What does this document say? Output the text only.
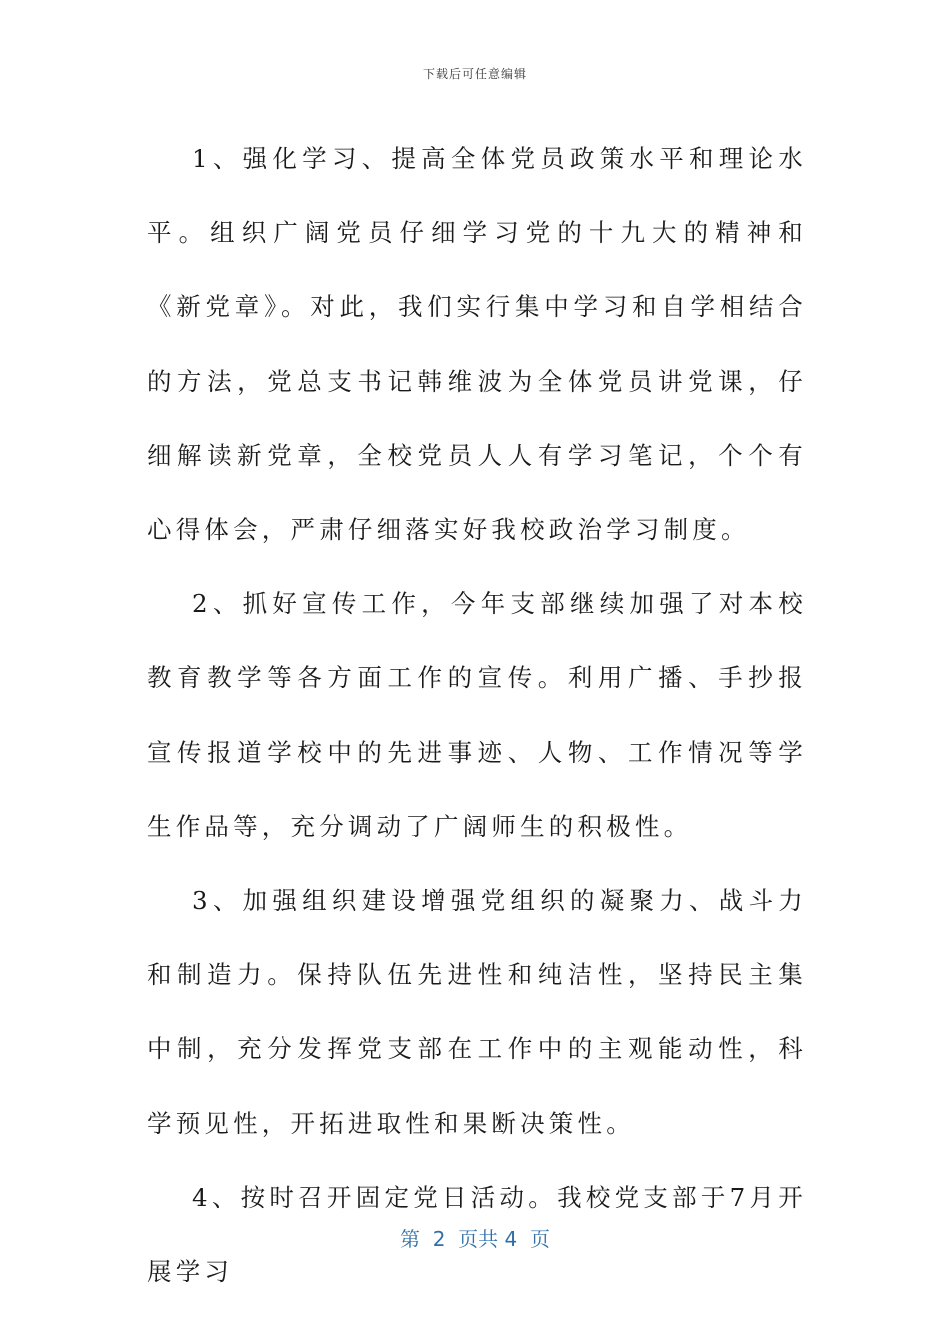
下载后可任意编辑

1、强化学习、提高全体党员政策水平和理论水平。组织广阔党员仔细学习党的十九大的精神和《新党章》。对此，我们实行集中学习和自学相结合的方法，党总支书记韩维波为全体党员讲党课，仔细解读新党章，全校党员人人有学习笔记，个个有心得体会，严肃仔细落实好我校政治学习制度。

2、抓好宣传工作，今年支部继续加强了对本校教育教学等各方面工作的宣传。利用广播、手抄报宣传报道学校中的先进事迹、人物、工作情况等学生作品等，充分调动了广阔师生的积极性。

3、加强组织建设增强党组织的凝聚力、战斗力和制造力。保持队伍先进性和纯洁性，坚持民主集中制，充分发挥党支部在工作中的主观能动性，科学预见性，开拓进取性和果断决策性。

4、按时召开固定党日活动。我校党支部于7月开展学习

第 2 页共 4 页
